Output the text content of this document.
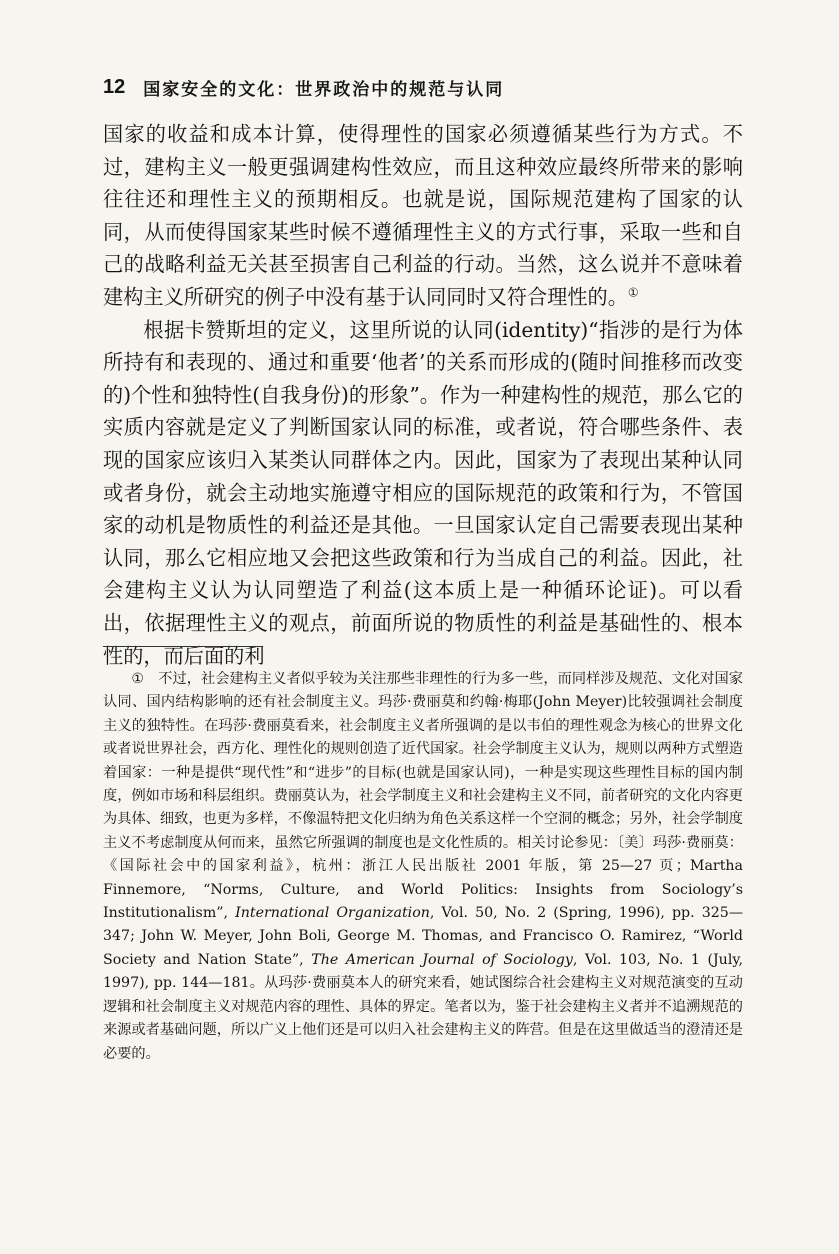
12 国家安全的文化：世界政治中的规范与认同

国家的收益和成本计算，使得理性的国家必须遵循某些行为方式。不过，建构主义一般更强调建构性效应，而且这种效应最终所带来的影响往往还和理性主义的预期相反。也就是说，国际规范建构了国家的认同，从而使得国家某些时候不遵循理性主义的方式行事，采取一些和自己的战略利益无关甚至损害自己利益的行动。当然，这么说并不意味着建构主义所研究的例子中没有基于认同同时又符合理性的。①

根据卡赞斯坦的定义，这里所说的认同(identity)“指涉的是行为体所持有和表现的、通过和重要‘他者’的关系而形成的(随时间推移而改变的)个性和独特性(自我身份)的形象”。作为一种建构性的规范，那么它的实质内容就是定义了判断国家认同的标准，或者说，符合哪些条件、表现的国家应该归入某类认同群体之内。因此，国家为了表现出某种认同或者身份，就会主动地实施遵守相应的国际规范的政策和行为，不管国家的动机是物质性的利益还是其他。一旦国家认定自己需要表现出某种认同，那么它相应地又会把这些政策和行为当成自己的利益。因此，社会建构主义认为认同塑造了利益(这本质上是一种循环论证)。可以看出，依据理性主义的观点，前面所说的物质性的利益是基础性的、根本性的，而后面的利

① 不过，社会建构主义者似乎较为关注那些非理性的行为多一些，而同样涉及规范、文化对国家认同、国内结构影响的还有社会制度主义。玛莎·费丽莫和约翰·梅耶(John Meyer)比较强调社会制度主义的独特性。在玛莎·费丽莫看来，社会制度主义者所强调的是以韦伯的理性观念为核心的世界文化或者说世界社会，西方化、理性化的规则创造了近代国家。社会学制度主义认为，规则以两种方式塑造着国家：一种是提供“现代性”和“进步”的目标(也就是国家认同)，一种是实现这些理性目标的国内制度，例如市场和科层组织。费丽莫认为，社会学制度主义和社会建构主义不同，前者研究的文化内容更为具体、细致，也更为多样，不像温特把文化归纳为角色关系这样一个空洞的概念；另外，社会学制度主义不考虑制度从何而来，虽然它所强调的制度也是文化性质的。相关讨论参见：〔美〕玛莎·费丽莫：《国际社会中的国家利益》，杭州：浙江人民出版社 2001 年版，第 25—27 页；Martha Finnemore, “Norms, Culture, and World Politics: Insights from Sociology’s Institutionalism”, International Organization, Vol. 50, No. 2 (Spring, 1996), pp. 325—347; John W. Meyer, John Boli, George M. Thomas, and Francisco O. Ramirez, “World Society and Nation State”, The American Journal of Sociology, Vol. 103, No. 1 (July, 1997), pp. 144—181。从玛莎·费丽莫本人的研究来看，她试图综合社会建构主义对规范演变的互动逻辑和社会制度主义对规范内容的理性、具体的界定。笔者以为，鉴于社会建构主义者并不追溯规范的来源或者基础问题，所以广义上他们还是可以归入社会建构主义的阵营。但是在这里做适当的澄清还是必要的。
